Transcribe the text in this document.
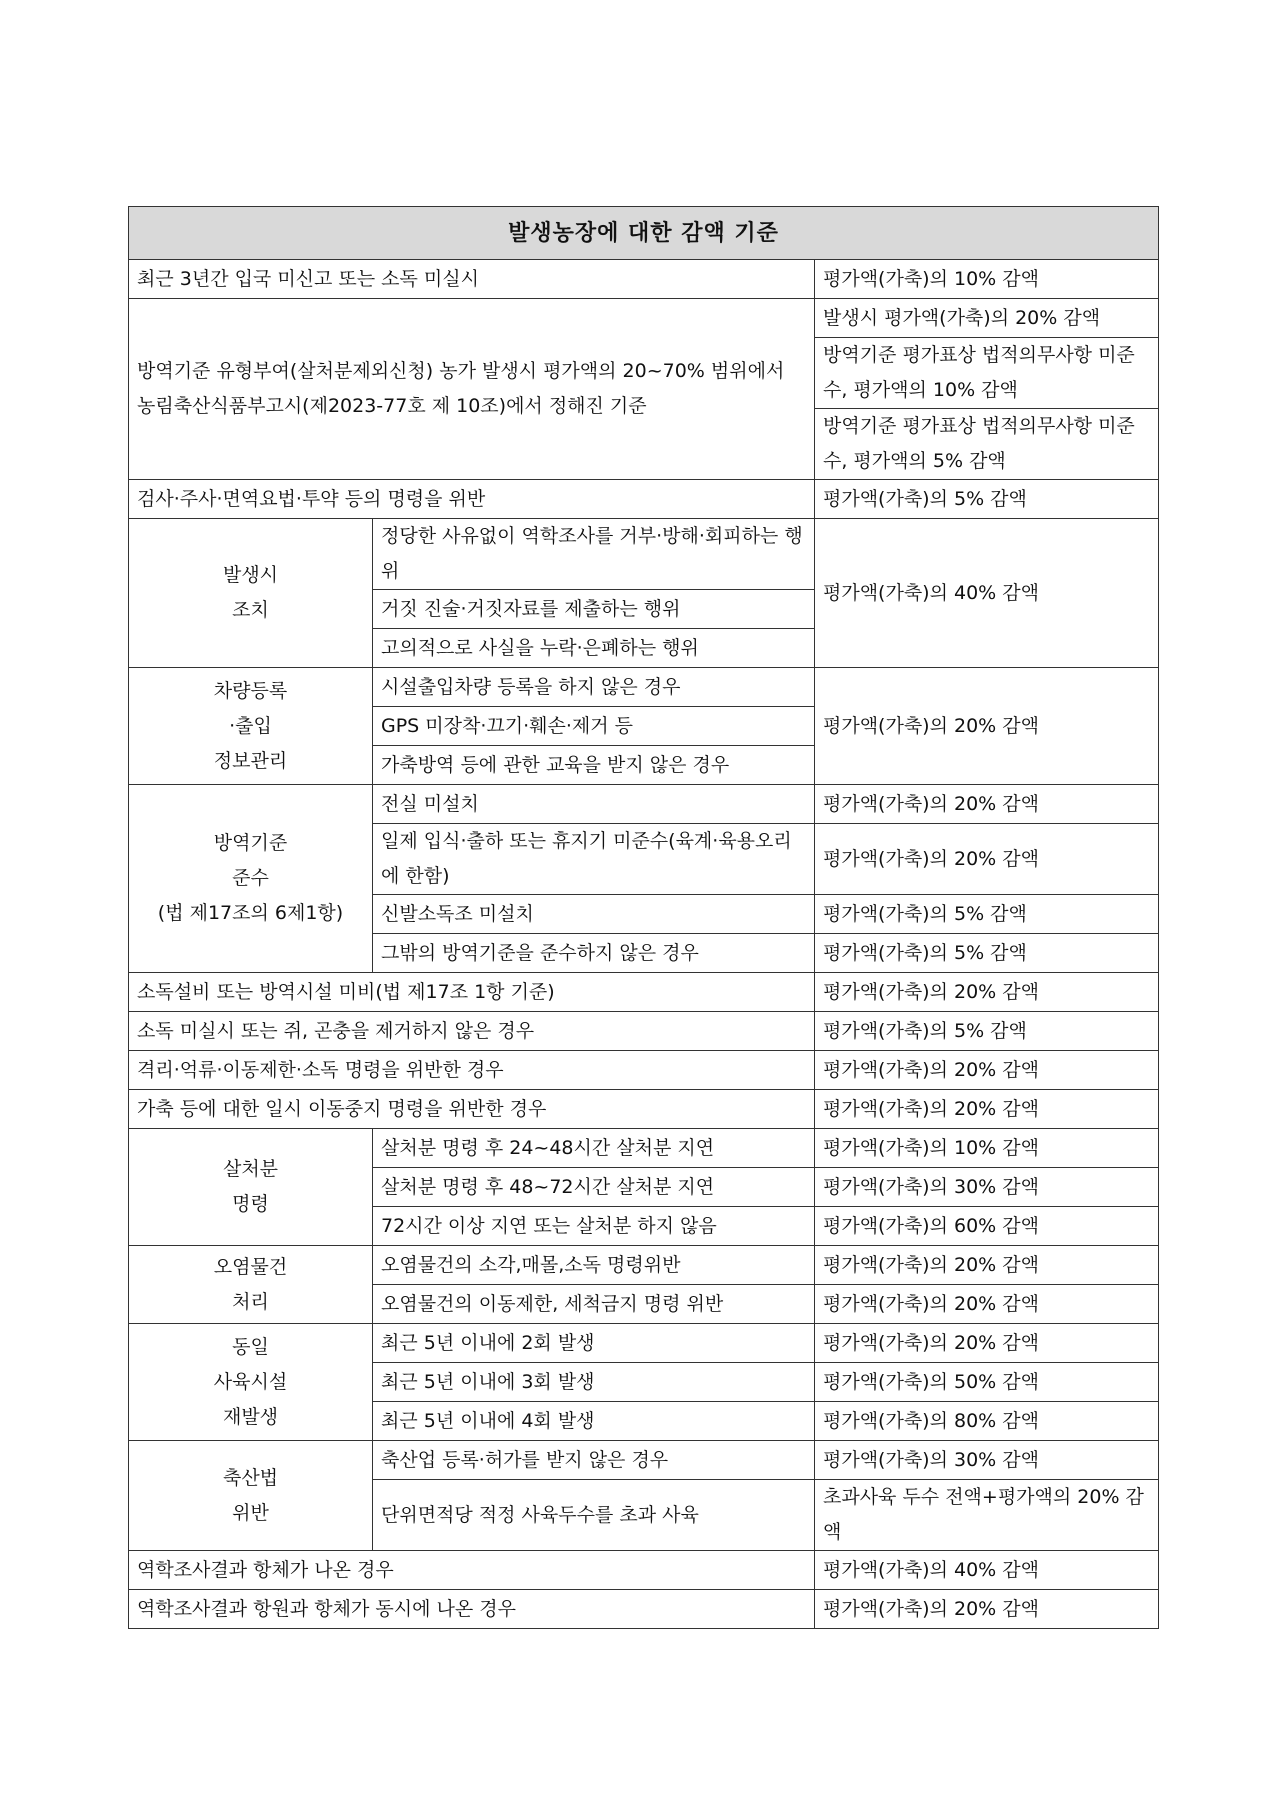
발생농장에 대한 감액 기준		
최근 3년간 입국 미신고 또는 소독 미실시		평가액(가축)의 10% 감액
방역기준 유형부여(살처분제외신청) 농가 발생시 평가액의 20~70% 범위에서 농림축산식품부고시(제2023-77호 제 10조)에서 정해진 기준		발생시 평가액(가축)의 20% 감액
		방역기준 평가표상 법적의무사항 미준수, 평가액의 10% 감액
		방역기준 평가표상 법적의무사항 미준수, 평가액의 5% 감액
검사·주사·면역요법·투약 등의 명령을 위반		평가액(가축)의 5% 감액
발생시
조치	정당한 사유없이 역학조사를 거부·방해·회피하는 행위	평가액(가축)의 40% 감액
	거짓 진술·거짓자료를 제출하는 행위	
	고의적으로 사실을 누락·은폐하는 행위	
차량등록
·출입
정보관리	시설출입차량 등록을 하지 않은 경우	평가액(가축)의 20% 감액
	GPS 미장착·끄기·훼손·제거 등	
	가축방역 등에 관한 교육을 받지 않은 경우	
방역기준
준수
(법 제17조의 6제1항)	전실 미설치	평가액(가축)의 20% 감액
	일제 입식·출하 또는 휴지기 미준수(육계·육용오리에 한함)	평가액(가축)의 20% 감액
	신발소독조 미설치	평가액(가축)의 5% 감액
	그밖의 방역기준을 준수하지 않은 경우	평가액(가축)의 5% 감액
소독설비 또는 방역시설 미비(법 제17조 1항 기준)		평가액(가축)의 20% 감액
소독 미실시 또는 쥐, 곤충을 제거하지 않은 경우		평가액(가축)의 5% 감액
격리·억류·이동제한·소독 명령을 위반한 경우		평가액(가축)의 20% 감액
가축 등에 대한 일시 이동중지 명령을 위반한 경우		평가액(가축)의 20% 감액
살처분
명령	살처분 명령 후 24~48시간 살처분 지연	평가액(가축)의 10% 감액
	살처분 명령 후 48~72시간 살처분 지연	평가액(가축)의 30% 감액
	72시간 이상 지연 또는 살처분 하지 않음	평가액(가축)의 60% 감액
오염물건
처리	오염물건의 소각,매몰,소독 명령위반	평가액(가축)의 20% 감액
	오염물건의 이동제한, 세척금지 명령 위반	평가액(가축)의 20% 감액
동일
사육시설
재발생	최근 5년 이내에 2회 발생	평가액(가축)의 20% 감액
	최근 5년 이내에 3회 발생	평가액(가축)의 50% 감액
	최근 5년 이내에 4회 발생	평가액(가축)의 80% 감액
축산법
위반	축산업 등록·허가를 받지 않은 경우	평가액(가축)의 30% 감액
	단위면적당 적정 사육두수를 초과 사육	초과사육 두수 전액+평가액의 20% 감액
역학조사결과 항체가 나온 경우		평가액(가축)의 40% 감액
역학조사결과 항원과 항체가 동시에 나온 경우		평가액(가축)의 20% 감액
